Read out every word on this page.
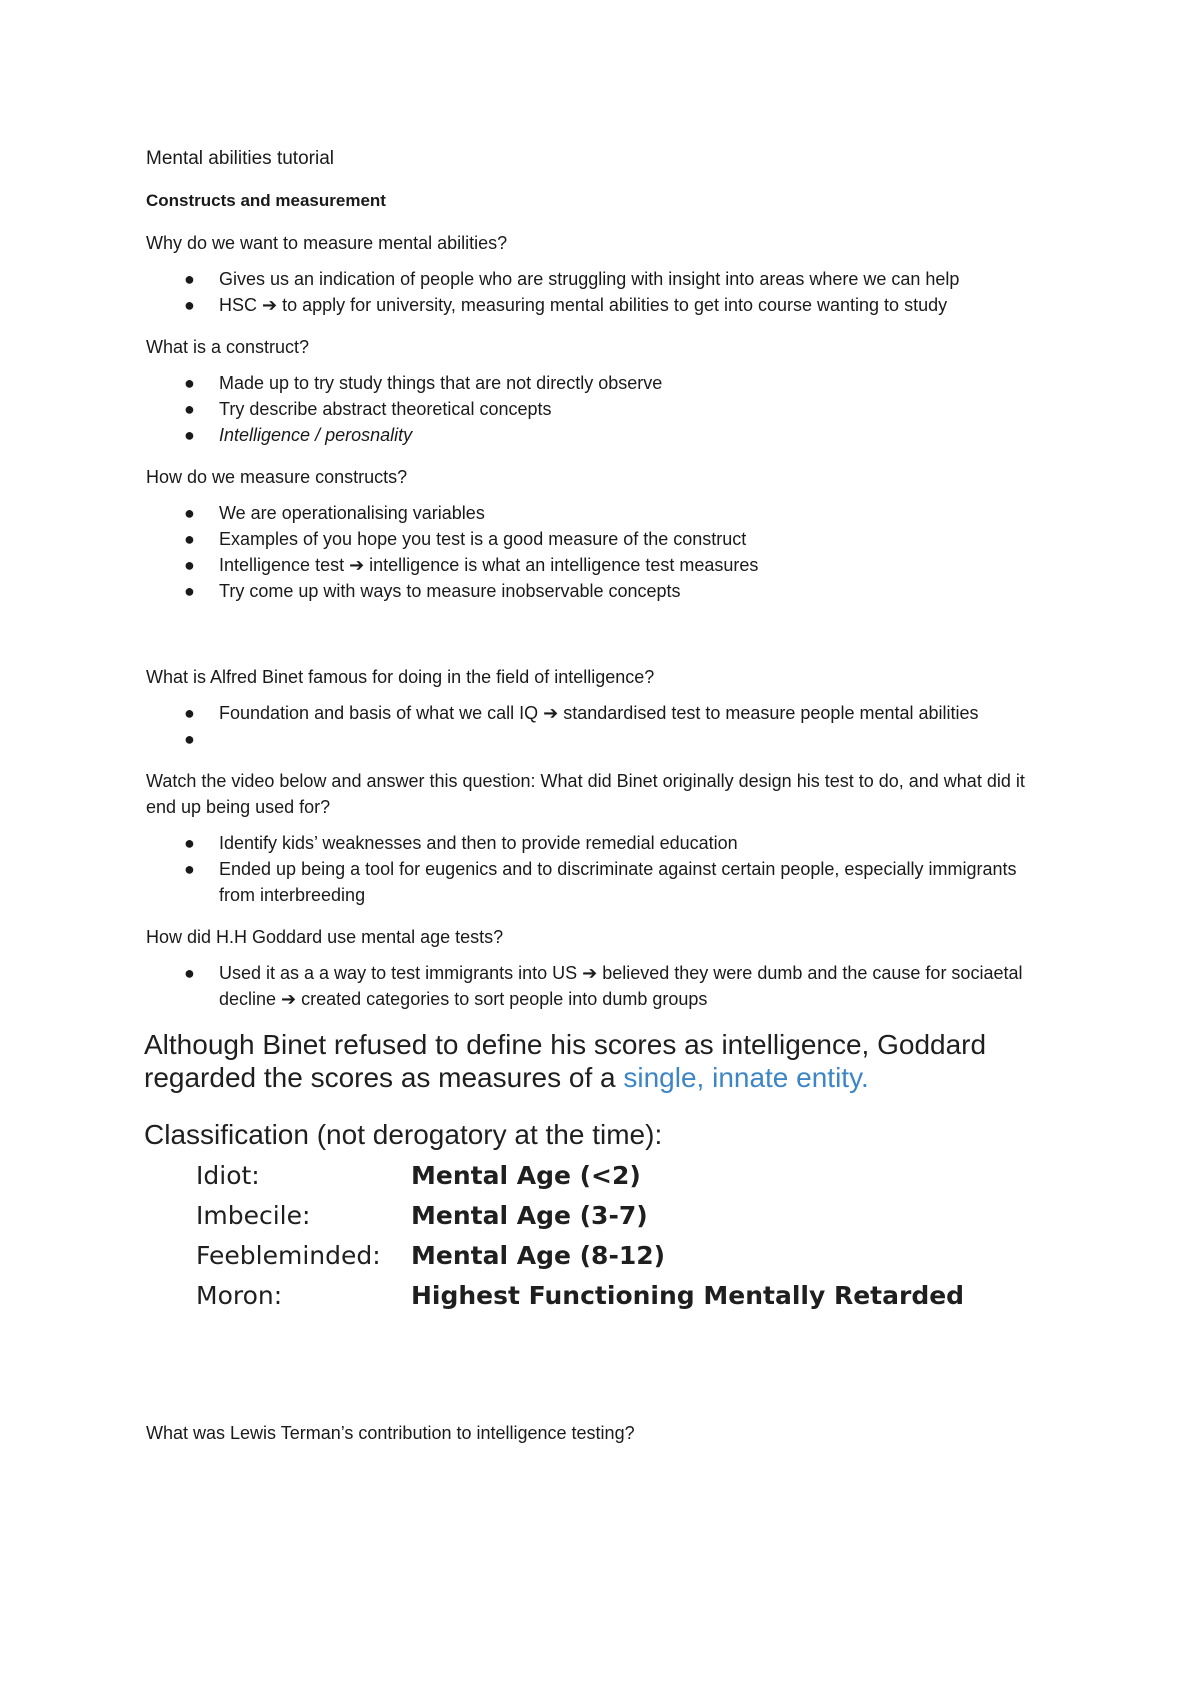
Mental abilities tutorial
Constructs and measurement
Why do we want to measure mental abilities?
● Gives us an indication of people who are struggling with insight into areas where we can help
● HSC ➔ to apply for university, measuring mental abilities to get into course wanting to study
What is a construct?
● Made up to try study things that are not directly observe
● Try describe abstract theoretical concepts
● Intelligence / perosnality
How do we measure constructs?
● We are operationalising variables
● Examples of you hope you test is a good measure of the construct
● Intelligence test ➔ intelligence is what an intelligence test measures
● Try come up with ways to measure inobservable concepts
What is Alfred Binet famous for doing in the field of intelligence?
● Foundation and basis of what we call IQ ➔ standardised test to measure people mental abilities
●
Watch the video below and answer this question: What did Binet originally design his test to do, and what did it end up being used for?
● Identify kids’ weaknesses and then to provide remedial education
● Ended up being a tool for eugenics and to discriminate against certain people, especially immigrants from interbreeding
How did H.H Goddard use mental age tests?
● Used it as a a way to test immigrants into US ➔ believed they were dumb and the cause for sociaetal decline ➔ created categories to sort people into dumb groups

Although Binet refused to define his scores as intelligence, Goddard regarded the scores as measures of a single, innate entity.

Classification (not derogatory at the time):
Idiot:	Mental Age (<2)
Imbecile:	Mental Age (3-7)
Feebleminded:	Mental Age (8-12)
Moron:	Highest Functioning Mentally Retarded
What was Lewis Terman’s contribution to intelligence testing?
